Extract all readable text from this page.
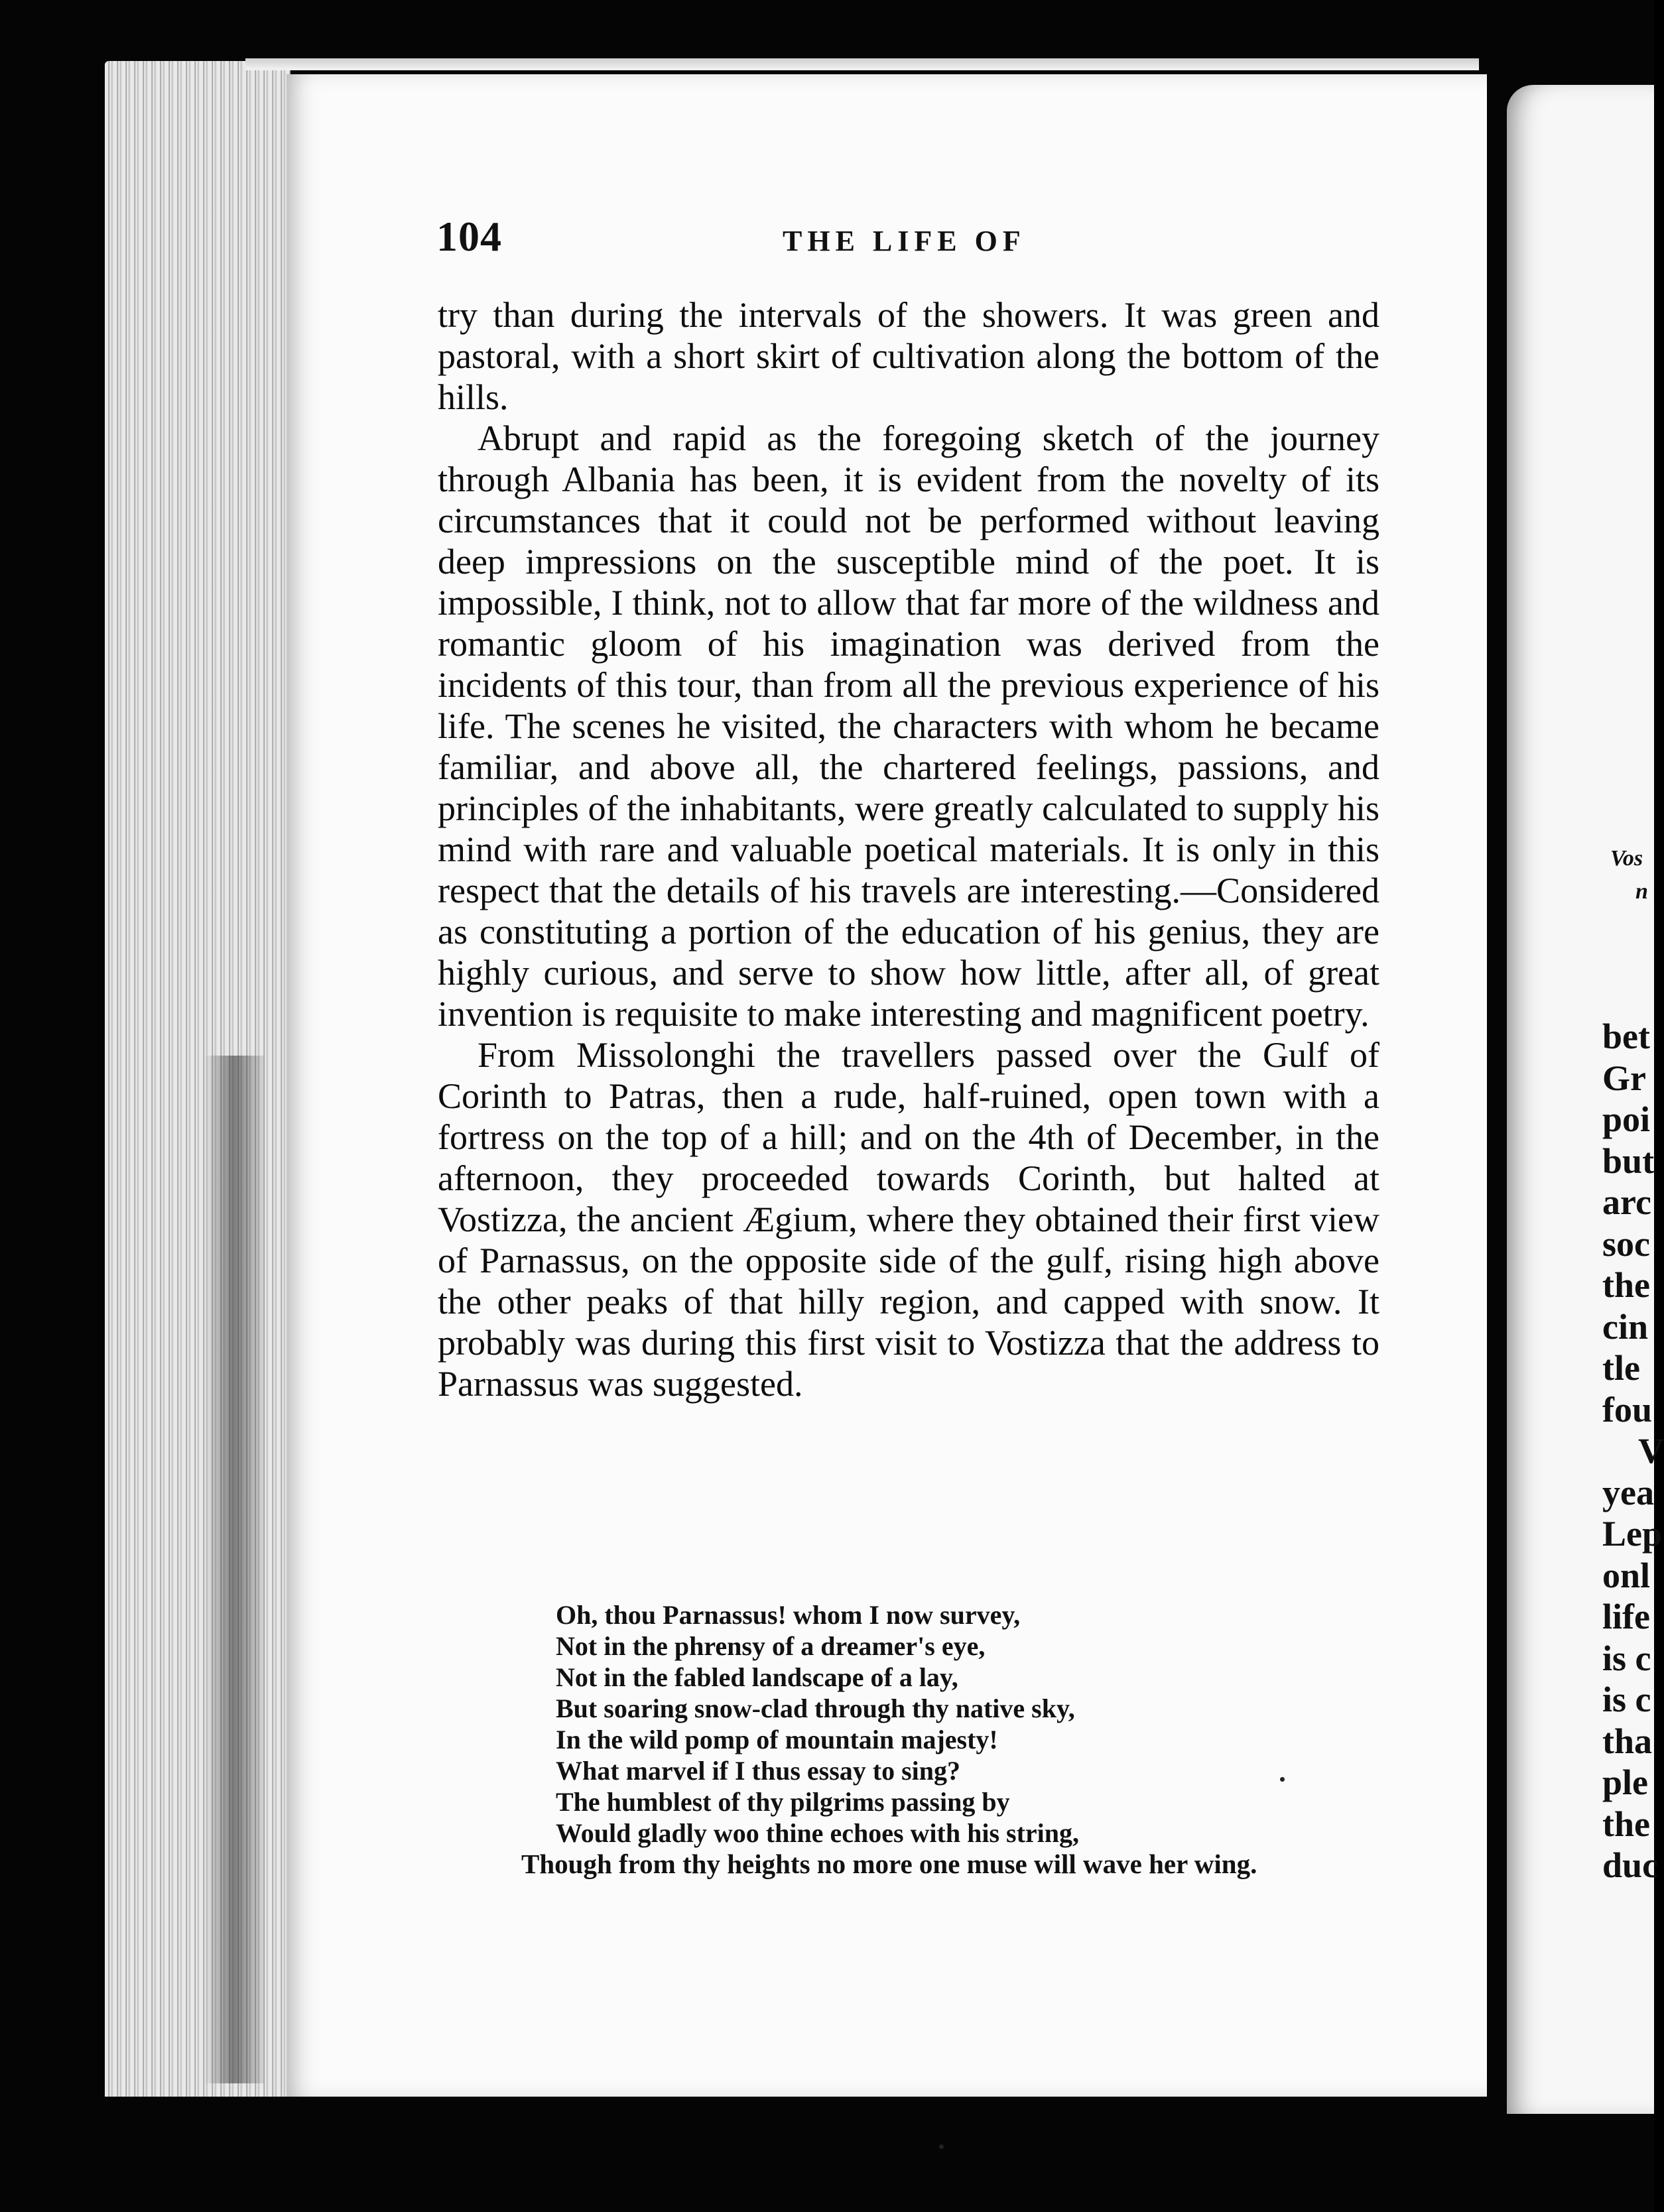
104	THE LIFE OF

try than during the intervals of the showers. It was green and pastoral, with a short skirt of cultivation along the bottom of the hills.

Abrupt and rapid as the foregoing sketch of the journey through Albania has been, it is evident from the novelty of its circumstances that it could not be performed without leaving deep impressions on the susceptible mind of the poet. It is impossible, I think, not to allow that far more of the wildness and romantic gloom of his imagination was derived from the incidents of this tour, than from all the previous experience of his life. The scenes he visited, the characters with whom he became familiar, and above all, the chartered feelings, passions, and principles of the inhabitants, were greatly calculated to supply his mind with rare and valuable poetical materials. It is only in this respect that the details of his travels are interesting.—Considered as constituting a portion of the education of his genius, they are highly curious, and serve to show how little, after all, of great invention is requisite to make interesting and magnificent poetry.

From Missolonghi the travellers passed over the Gulf of Corinth to Patras, then a rude, half-ruined, open town with a fortress on the top of a hill; and on the 4th of December, in the afternoon, they proceeded towards Corinth, but halted at Vostizza, the ancient Ægium, where they obtained their first view of Parnassus, on the opposite side of the gulf, rising high above the other peaks of that hilly region, and capped with snow. It probably was during this first visit to Vostizza that the address to Parnassus was suggested.

Oh, thou Parnassus! whom I now survey,
Not in the phrensy of a dreamer's eye,
Not in the fabled landscape of a lay,
But soaring snow-clad through thy native sky,
In the wild pomp of mountain majesty!
What marvel if I thus essay to sing?
The humblest of thy pilgrims passing by
Would gladly woo thine echoes with his string,
Though from thy heights no more one muse will wave her wing.
Vos
n
bet
Gr
poi
but
arc
soc
the
cin
tle
fou
V
yea
Lep
onl
life
is c
is c
tha
ple
the
duc
